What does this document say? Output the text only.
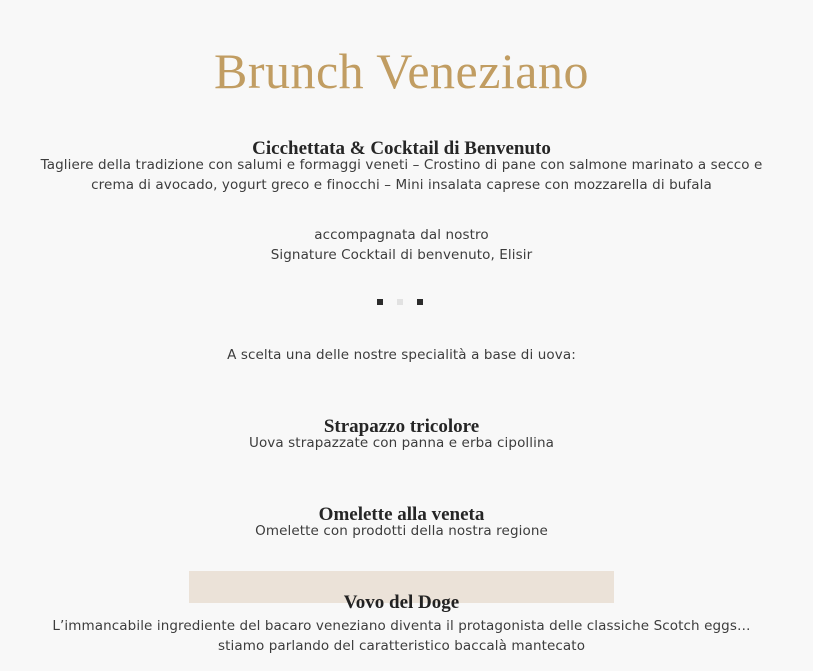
Brunch Veneziano
Cicchettata & Cocktail di Benvenuto
Tagliere della tradizione con salumi e formaggi veneti – Crostino di pane con salmone marinato a secco e
crema di avocado, yogurt greco e finocchi – Mini insalata caprese con mozzarella di bufala
accompagnata dal nostro
Signature Cocktail di benvenuto, Elisir
A scelta una delle nostre specialità a base di uova:
Strapazzo tricolore
Uova strapazzate con panna e erba cipollina
Omelette alla veneta
Omelette con prodotti della nostra regione
Vovo del Doge
L’immancabile ingrediente del bacaro veneziano diventa il protagonista delle classiche Scotch eggs…
stiamo parlando del caratteristico baccalà mantecato
